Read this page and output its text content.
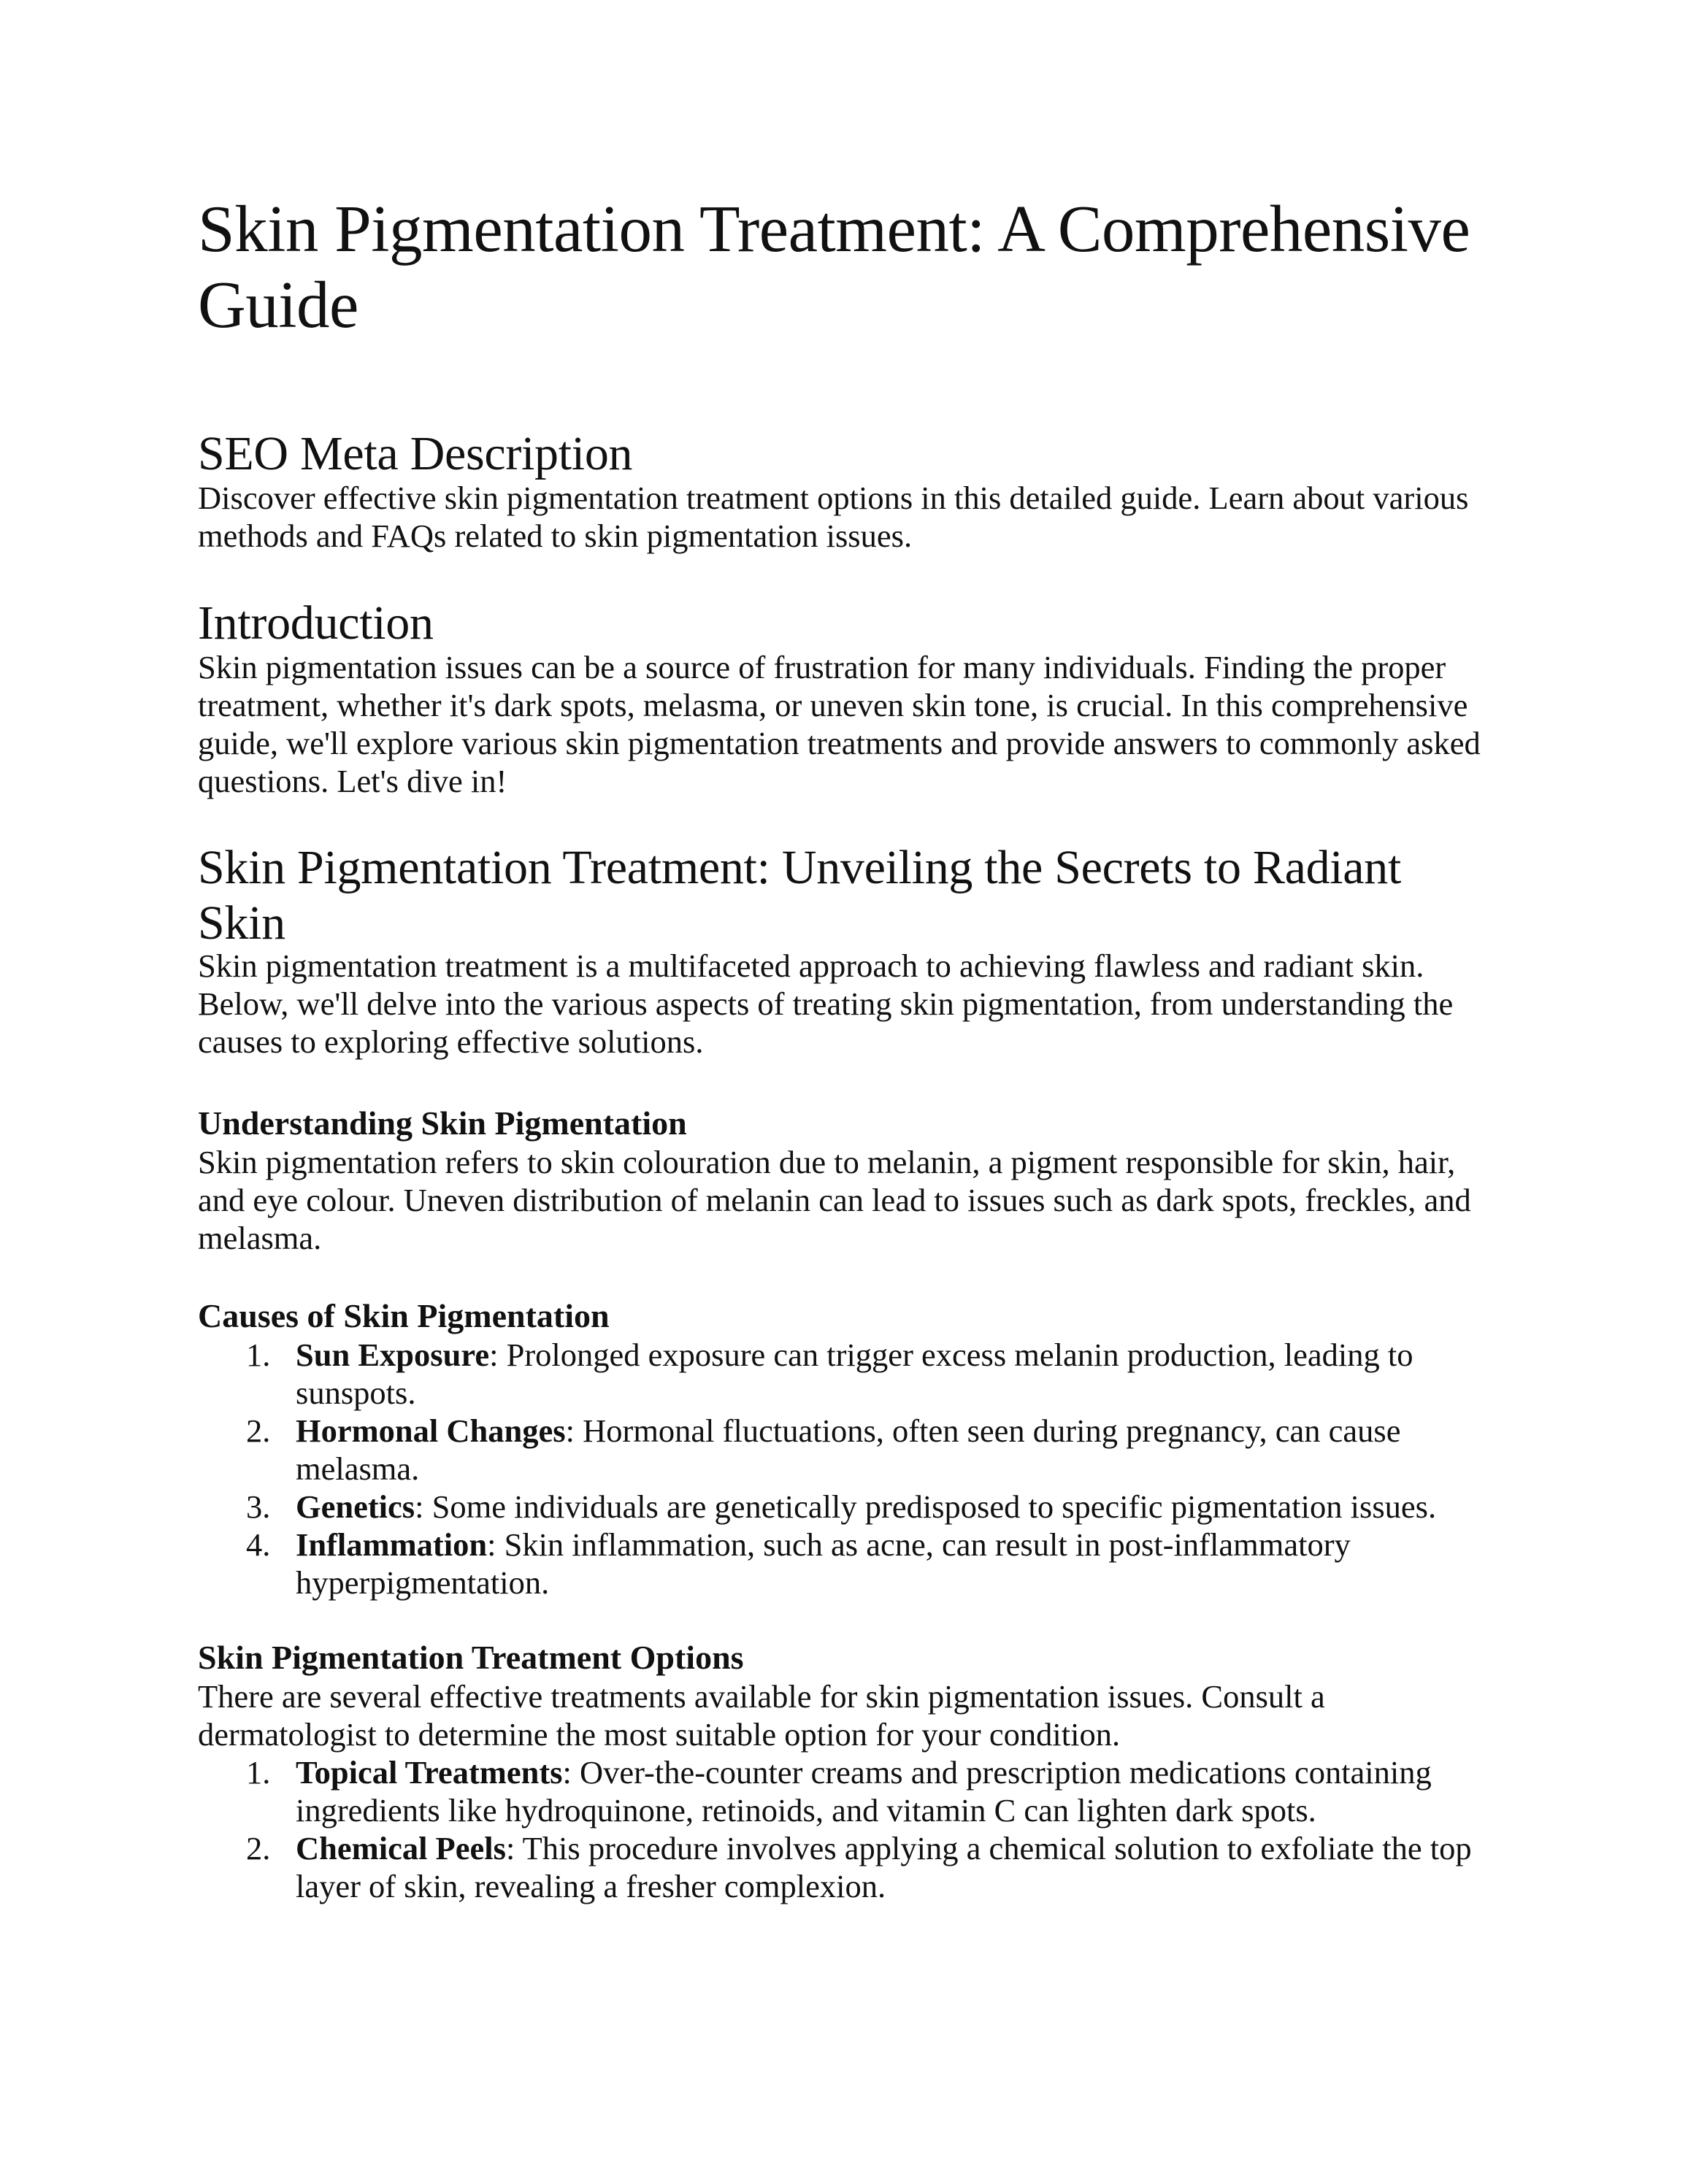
Skin Pigmentation Treatment: A Comprehensive Guide
SEO Meta Description

Discover effective skin pigmentation treatment options in this detailed guide. Learn about various methods and FAQs related to skin pigmentation issues.

Introduction

Skin pigmentation issues can be a source of frustration for many individuals. Finding the proper treatment, whether it's dark spots, melasma, or uneven skin tone, is crucial. In this comprehensive guide, we'll explore various skin pigmentation treatments and provide answers to commonly asked questions. Let's dive in!

Skin Pigmentation Treatment: Unveiling the Secrets to Radiant Skin

Skin pigmentation treatment is a multifaceted approach to achieving flawless and radiant skin. Below, we'll delve into the various aspects of treating skin pigmentation, from understanding the causes to exploring effective solutions.

Understanding Skin Pigmentation

Skin pigmentation refers to skin colouration due to melanin, a pigment responsible for skin, hair, and eye colour. Uneven distribution of melanin can lead to issues such as dark spots, freckles, and melasma.

Causes of Skin Pigmentation
1. Sun Exposure: Prolonged exposure can trigger excess melanin production, leading to sunspots.
2. Hormonal Changes: Hormonal fluctuations, often seen during pregnancy, can cause melasma.
3. Genetics: Some individuals are genetically predisposed to specific pigmentation issues.
4. Inflammation: Skin inflammation, such as acne, can result in post-inflammatory hyperpigmentation.
Skin Pigmentation Treatment Options

There are several effective treatments available for skin pigmentation issues. Consult a dermatologist to determine the most suitable option for your condition.

1. Topical Treatments: Over-the-counter creams and prescription medications containing ingredients like hydroquinone, retinoids, and vitamin C can lighten dark spots.
2. Chemical Peels: This procedure involves applying a chemical solution to exfoliate the top layer of skin, revealing a fresher complexion.
